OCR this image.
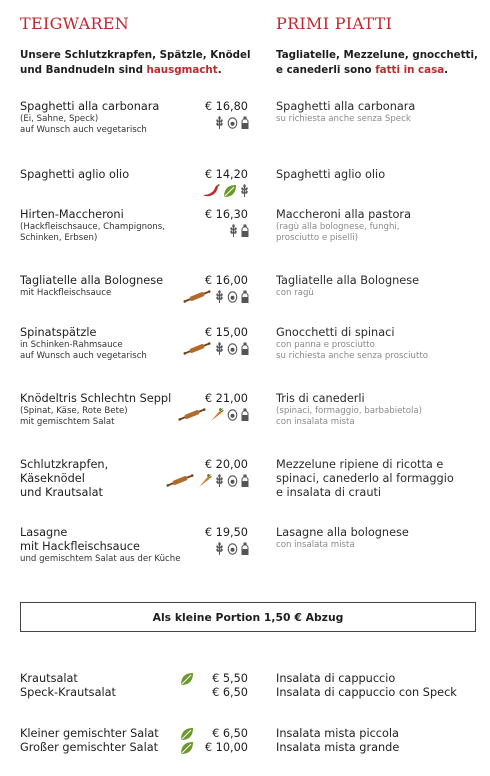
TEIGWAREN	PRIMI PIATTI
Unsere Schlutzkrapfen, Spätzle, Knödel
und Bandnudeln sind hausgmacht.
Tagliatelle, Mezzelune, gnocchetti,
e canederli sono fatti in casa.
Spaghetti alla carbonara
(Ei, Sahne, Speck)
auf Wunsch auch vegetarisch
€ 16,80 Spaghetti alla carbonara
su richiesta anche senza Speck
Spaghetti aglio olio	€ 14,20 Spaghetti aglio olio
Hirten-Maccheroni
(Hackfleischsauce, Champignons,
Schinken, Erbsen)
€ 16,30 Maccheroni alla pastora
(ragù alla bolognese, funghi,
prosciutto e piselli)
Tagliatelle alla Bolognese
mit Hackfleischsauce
€ 16,00 Tagliatelle alla Bolognese
con ragù
Spinatspätzle
in Schinken-Rahmsauce
auf Wunsch auch vegetarisch
€ 15,00 Gnocchetti di spinaci
con panna e prosciutto
su richiesta anche senza prosciutto
Knödeltris Schlechtn Seppl
(Spinat, Käse, Rote Bete)
mit gemischtem Salat
€ 21,00 Tris di canederli
(spinaci, formaggio, barbabietola)
con insalata mista
Schlutzkrapfen,
Käseknödel
und Krautsalat
€ 20,00 Mezzelune ripiene di ricotta e
spinaci, canederlo al formaggio
e insalata di crauti
Lasagne
mit Hackfleischsauce
und gemischtem Salat aus der Küche
€ 19,50 Lasagne alla bolognese
con insalata mista
Als kleine Portion 1,50 € Abzug
Krautsalat
Speck-Krautsalat
€ 5,50
€ 6,50
Insalata di cappuccio
Insalata di cappuccio con Speck
Kleiner gemischter Salat
Großer gemischter Salat
€ 6,50
€ 10,00
Insalata mista piccola
Insalata mista grande
